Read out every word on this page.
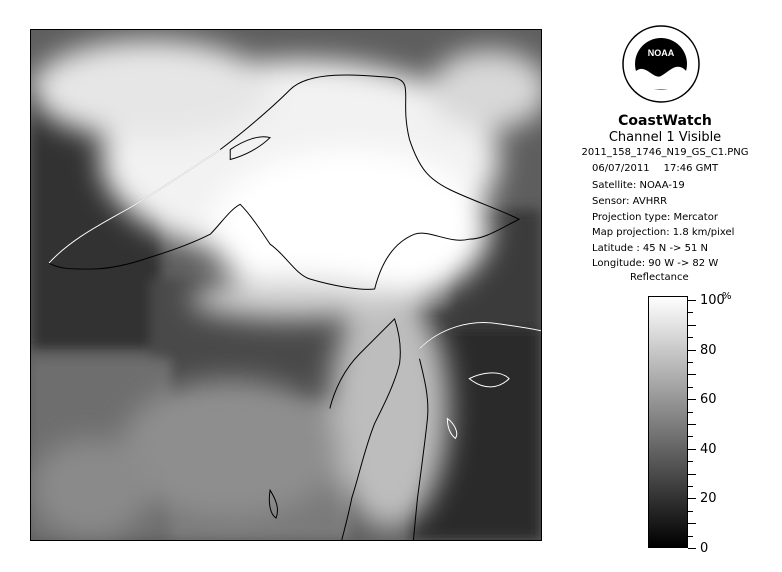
NOAA
CoastWatch
Channel 1 Visible
2011_158_1746_N19_GS_C1.PNG
06/07/2011 17:46 GMT
Satellite: NOAA-19
Sensor: AVHRR
Projection type: Mercator
Map projection: 1.8 km/pixel
Latitude : 45 N -> 51 N
Longitude: 90 W -> 82 W
Reflectance
%
100
80
60
40
20
0
